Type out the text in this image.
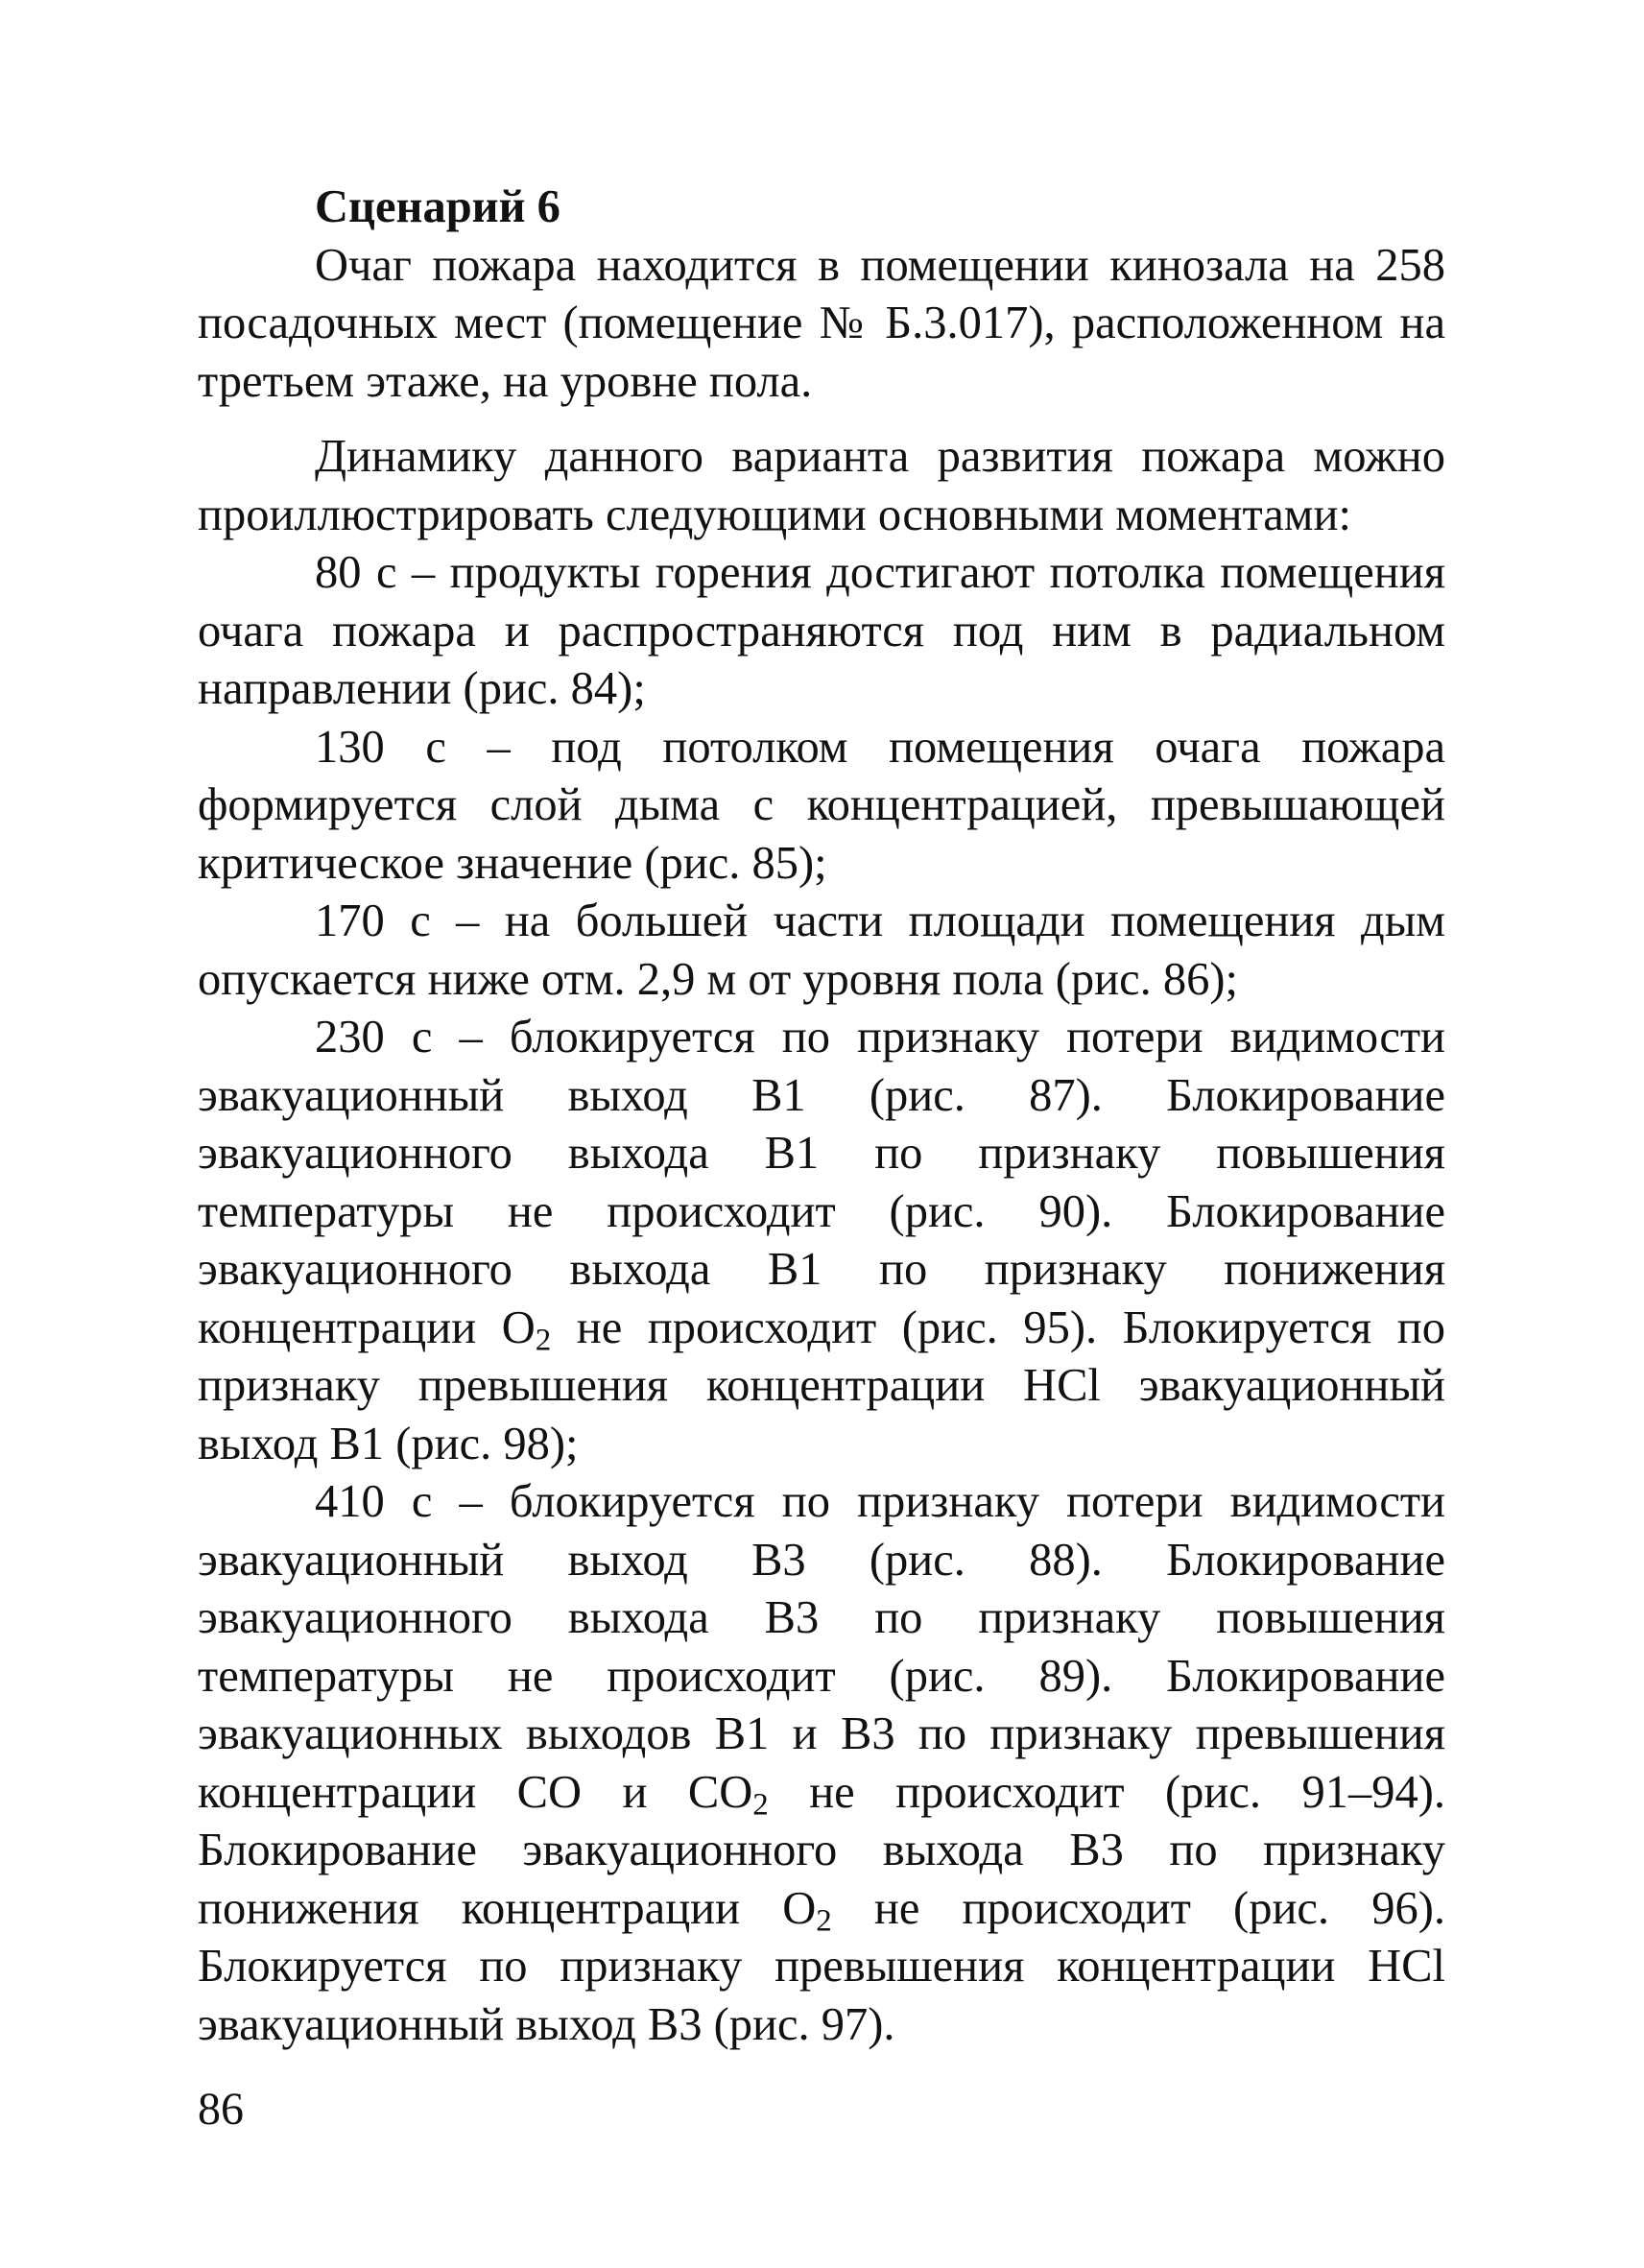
Сценарий 6

Очаг пожара находится в помещении кинозала на 258 посадочных мест (помещение № Б.3.017), расположенном на третьем этаже, на уровне пола.

Динамику данного варианта развития пожара можно проиллюстрировать следующими основными моментами:

80 с – продукты горения достигают потолка помещения очага пожара и распространяются под ним в радиальном направлении (рис. 84);

130 с – под потолком помещения очага пожара формируется слой дыма с концентрацией, превышающей критическое значение (рис. 85);

170 с – на большей части площади помещения дым опускается ниже отм. 2,9 м от уровня пола (рис. 86);

230 с – блокируется по признаку потери видимости эвакуационный выход В1 (рис. 87). Блокирование эвакуационного выхода В1 по признаку повышения температуры не происходит (рис. 90). Блокирование эвакуационного выхода В1 по признаку понижения концентрации $О_2$ не происходит (рис. 95). Блокируется по признаку превышения концентрации HCl эвакуационный выход В1 (рис. 98);

410 с – блокируется по признаку потери видимости эвакуационный выход В3 (рис. 88). Блокирование эвакуационного выхода В3 по признаку повышения температуры не происходит (рис. 89). Блокирование эвакуационных выходов В1 и В3 по признаку превышения концентрации СО и $СО_2$ не происходит (рис. 91–94). Блокирование эвакуационного выхода В3 по признаку понижения концентрации $О_2$ не происходит (рис. 96). Блокируется по признаку превышения концентрации HCl эвакуационный выход В3 (рис. 97).

86
